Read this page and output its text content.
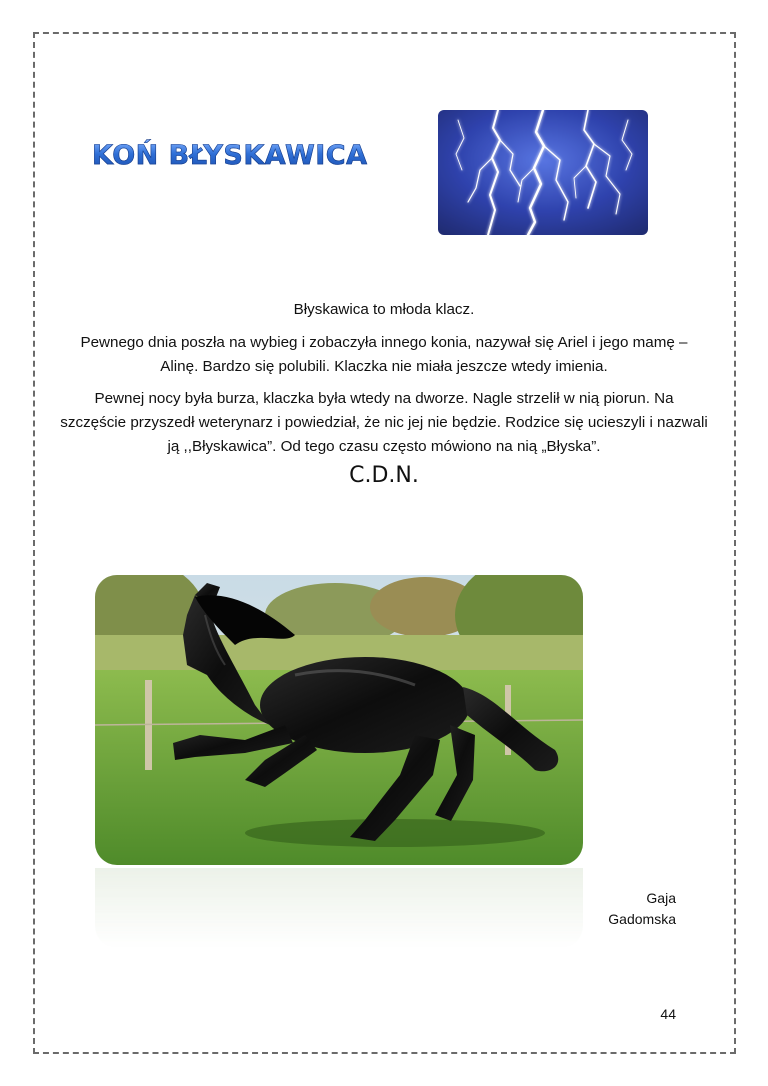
KOŃ BŁYSKAWICA

Błyskawica to młoda klacz.

Pewnego dnia poszła na wybieg i zobaczyła innego konia, nazywał się Ariel i jego mamę – Alinę. Bardzo się polubili. Klaczka nie miała jeszcze wtedy imienia.

Pewnej nocy była burza, klaczka była wtedy na dworze. Nagle strzelił w nią piorun. Na szczęście przyszedł weterynarz i powiedział, że nic jej nie będzie. Rodzice się ucieszyli i nazwali ją ,,Błyskawica”. Od tego czasu często mówiono na nią „Błyska”.

C.D.N.
Gaja
Gadomska
44
